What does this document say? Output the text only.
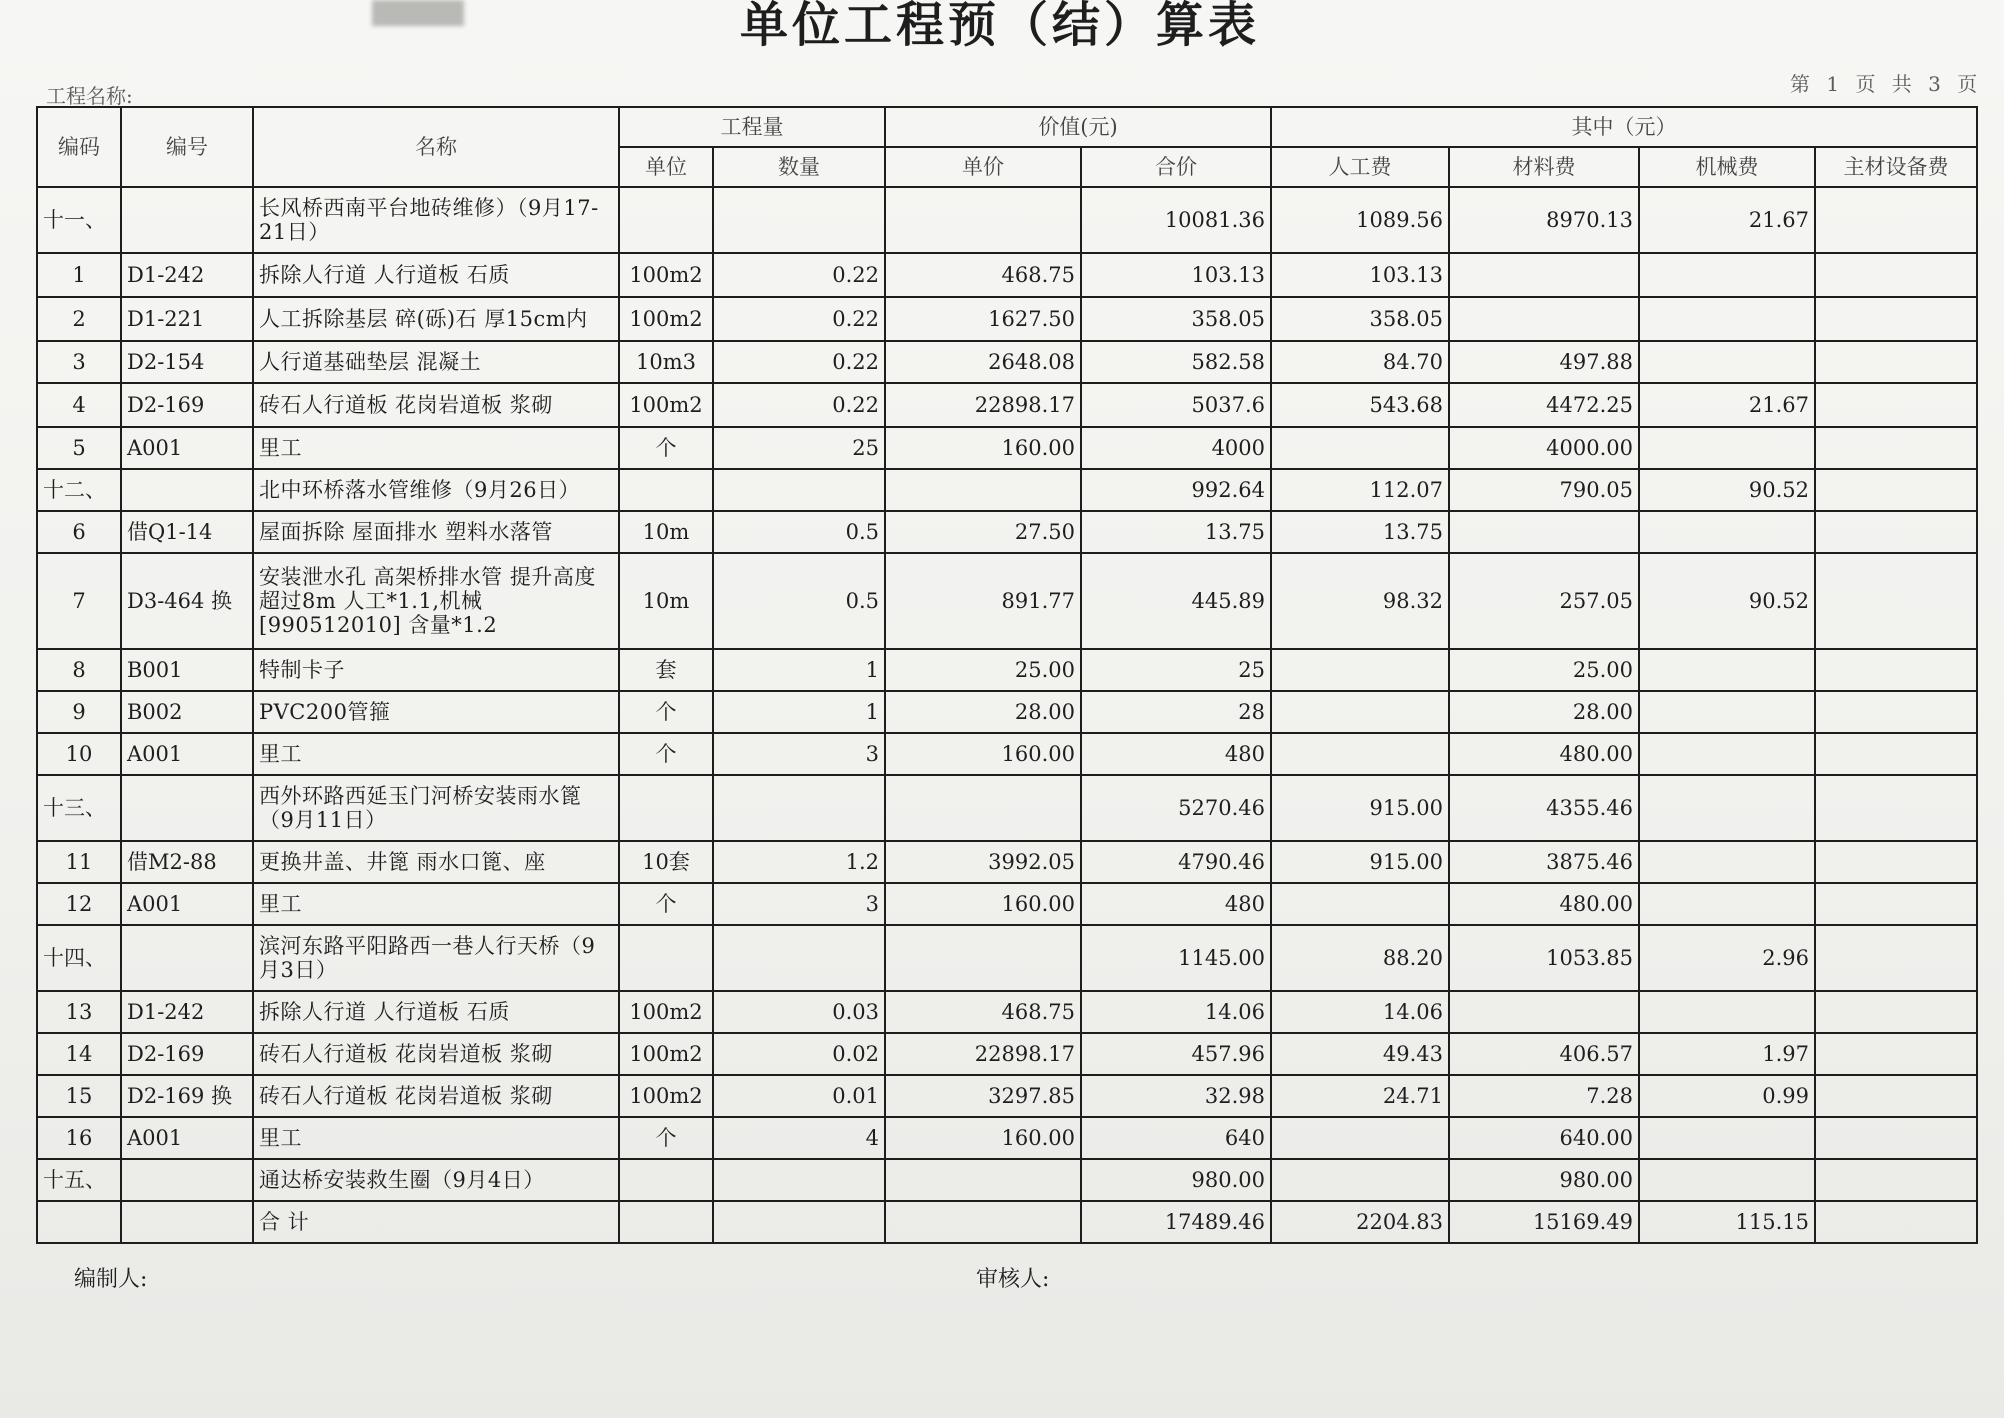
单位工程预（结）算表
工程名称:	第 1 页 共 3 页
编码	编号	名称	工程量		价值(元)		其中（元）			
			单位	数量	单价	合价	人工费	材料费	机械费	主材设备费
十一、		长风桥西南平台地砖维修）（9月17-21日）				10081.36	1089.56	8970.13	21.67	
1	D1-242	拆除人行道 人行道板 石质	100m2	0.22	468.75	103.13	103.13			
2	D1-221	人工拆除基层 碎(砾)石 厚15cm内	100m2	0.22	1627.50	358.05	358.05			
3	D2-154	人行道基础垫层 混凝土	10m3	0.22	2648.08	582.58	84.70	497.88		
4	D2-169	砖石人行道板 花岗岩道板 浆砌	100m2	0.22	22898.17	5037.6	543.68	4472.25	21.67	
5	A001	里工	个	25	160.00	4000		4000.00		
十二、		北中环桥落水管维修（9月26日）				992.64	112.07	790.05	90.52	
6	借Q1-14	屋面拆除 屋面排水 塑料水落管	10m	0.5	27.50	13.75	13.75			
7	D3-464 换	安装泄水孔 高架桥排水管 提升高度超过8m 人工*1.1,机械[990512010] 含量*1.2	10m	0.5	891.77	445.89	98.32	257.05	90.52	
8	B001	特制卡子	套	1	25.00	25		25.00		
9	B002	PVC200管箍	个	1	28.00	28		28.00		
10	A001	里工	个	3	160.00	480		480.00		
十三、		西外环路西延玉门河桥安装雨水篦（9月11日）				5270.46	915.00	4355.46		
11	借M2-88	更换井盖、井篦 雨水口篦、座	10套	1.2	3992.05	4790.46	915.00	3875.46		
12	A001	里工	个	3	160.00	480		480.00		
十四、		滨河东路平阳路西一巷人行天桥（9月3日）				1145.00	88.20	1053.85	2.96	
13	D1-242	拆除人行道 人行道板 石质	100m2	0.03	468.75	14.06	14.06			
14	D2-169	砖石人行道板 花岗岩道板 浆砌	100m2	0.02	22898.17	457.96	49.43	406.57	1.97	
15	D2-169 换	砖石人行道板 花岗岩道板 浆砌	100m2	0.01	3297.85	32.98	24.71	7.28	0.99	
16	A001	里工	个	4	160.00	640		640.00		
十五、		通达桥安装救生圈（9月4日）				980.00		980.00		
		合 计				17489.46	2204.83	15169.49	115.15	
编制人:	审核人:
